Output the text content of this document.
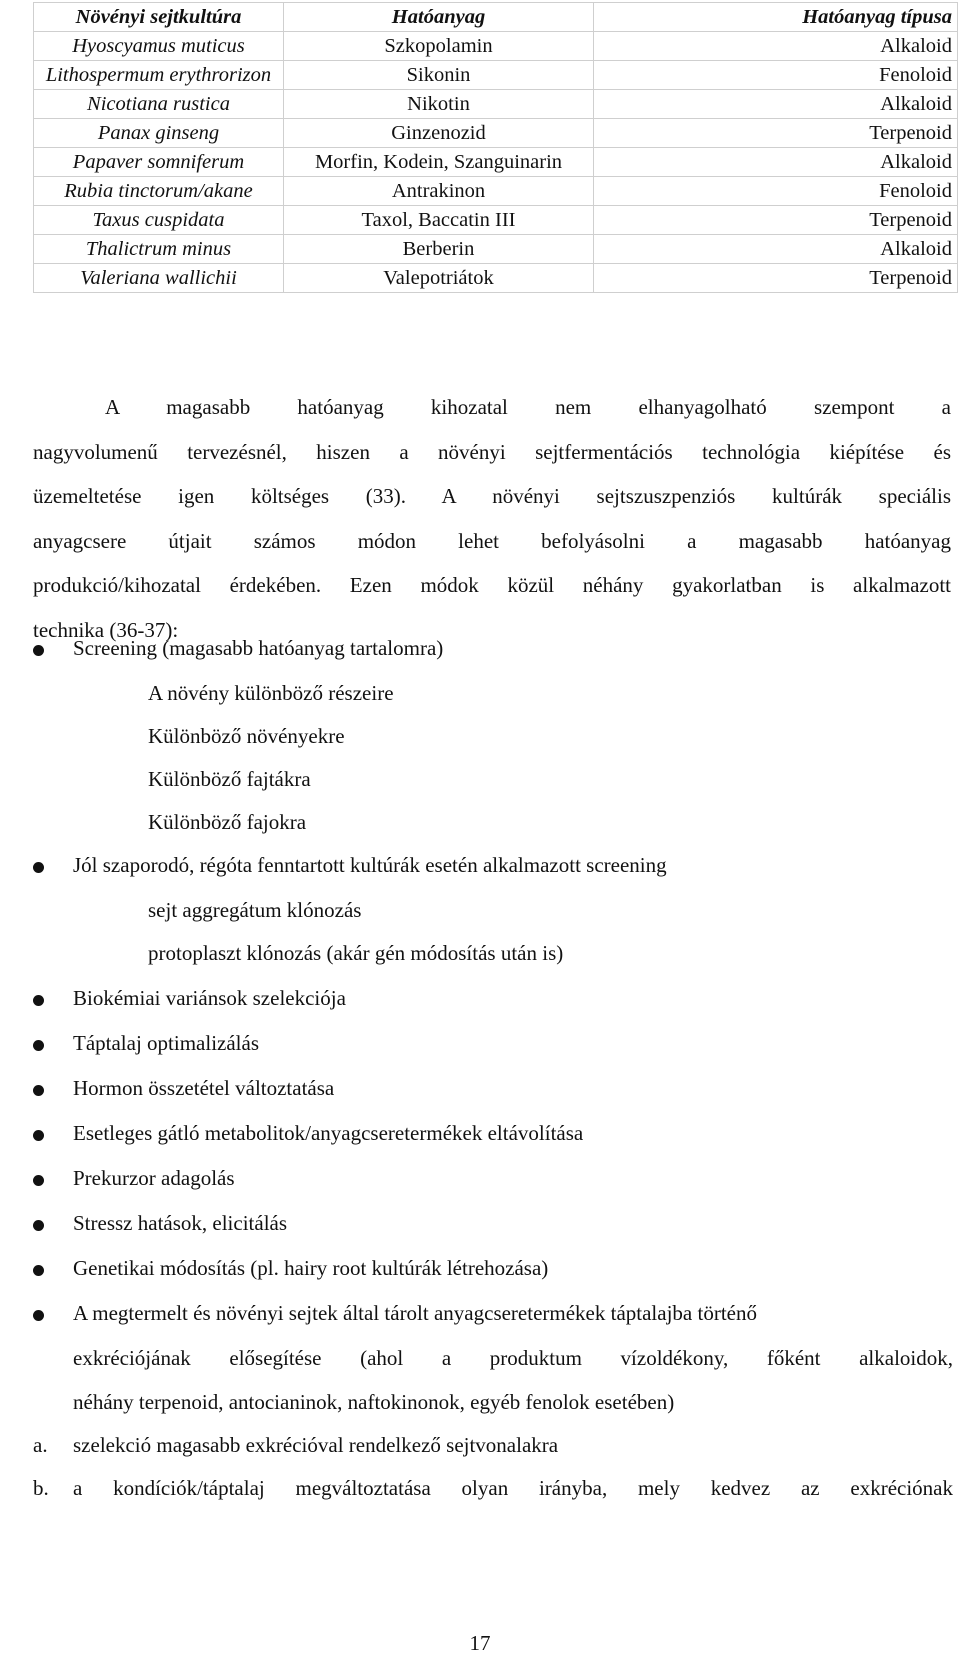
Növényi sejtkultúra	Hatóanyag	Hatóanyag típusa
Hyoscyamus muticus	Szkopolamin	Alkaloid
Lithospermum erythrorizon	Sikonin	Fenoloid
Nicotiana rustica	Nikotin	Alkaloid
Panax ginseng	Ginzenozid	Terpenoid
Papaver somniferum	Morfin, Kodein, Szanguinarin	Alkaloid
Rubia tinctorum/akane	Antrakinon	Fenoloid
Taxus cuspidata	Taxol, Baccatin III	Terpenoid
Thalictrum minus	Berberin	Alkaloid
Valeriana wallichii	Valepotriátok	Terpenoid
A magasabb hatóanyag kihozatal nem elhanyagolható szempont a
nagyvolumenű tervezésnél, hiszen a növényi sejtfermentációs technológia kiépítése és
üzemeltetése igen költséges (33). A növényi sejtszuszpenziós kultúrák speciális
anyagcsere útjait számos módon lehet befolyásolni a magasabb hatóanyag
produkció/kihozatal érdekében. Ezen módok közül néhány gyakorlatban is alkalmazott
technika (36-37):
Screening (magasabb hatóanyag tartalomra)
A növény különböző részeire
Különböző növényekre
Különböző fajtákra
Különböző fajokra
Jól szaporodó, régóta fenntartott kultúrák esetén alkalmazott screening
sejt aggregátum klónozás
protoplaszt klónozás (akár gén módosítás után is)
Biokémiai variánsok szelekciója
Táptalaj optimalizálás
Hormon összetétel változtatása
Esetleges gátló metabolitok/anyagcseretermékek eltávolítása
Prekurzor adagolás
Stressz hatások, elicitálás
Genetikai módosítás (pl. hairy root kultúrák létrehozása)
A megtermelt és növényi sejtek által tárolt anyagcseretermékek táptalajba történő
exkréciójának elősegítése (ahol a produktum vízoldékony, főként alkaloidok,
néhány terpenoid, antocianinok, naftokinonok, egyéb fenolok esetében)
a. szelekció magasabb exkrécióval rendelkező sejtvonalakra
b. a kondíciók/táptalaj megváltoztatása olyan irányba, mely kedvez az exkréciónak
17
